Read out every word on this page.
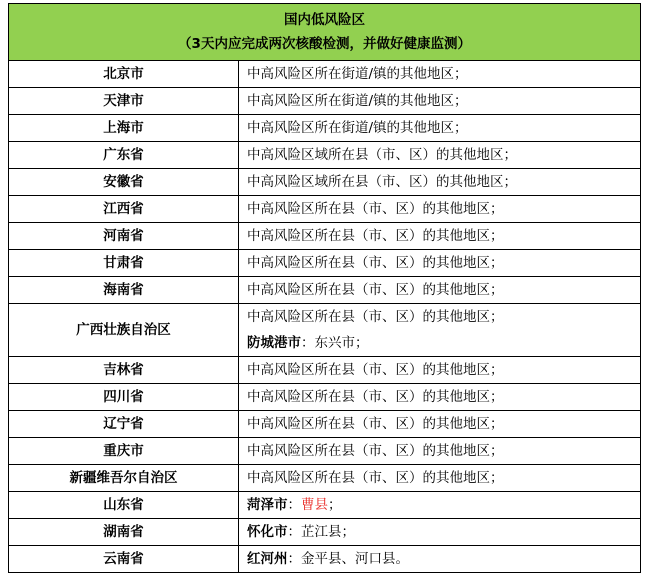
国内低风险区
（3天内应完成两次核酸检测，并做好健康监测）	

北京市	中高风险区所在街道/镇的其他地区；
天津市	中高风险区所在街道/镇的其他地区；
上海市	中高风险区所在街道/镇的其他地区；
广东省	中高风险区域所在县（市、区）的其他地区；
安徽省	中高风险区域所在县（市、区）的其他地区；
江西省	中高风险区所在县（市、区）的其他地区；
河南省	中高风险区所在县（市、区）的其他地区；
甘肃省	中高风险区所在县（市、区）的其他地区；
海南省	中高风险区所在县（市、区）的其他地区；
广西壮族自治区	中高风险区所在县（市、区）的其他地区；
防城港市：东兴市；

吉林省	中高风险区所在县（市、区）的其他地区；
四川省	中高风险区所在县（市、区）的其他地区；
辽宁省	中高风险区所在县（市、区）的其他地区；
重庆市	中高风险区所在县（市、区）的其他地区；
新疆维吾尔自治区	中高风险区所在县（市、区）的其他地区；
山东省	菏泽市：曹县；
湖南省	怀化市：芷江县；
云南省	红河州：金平县、河口县。
